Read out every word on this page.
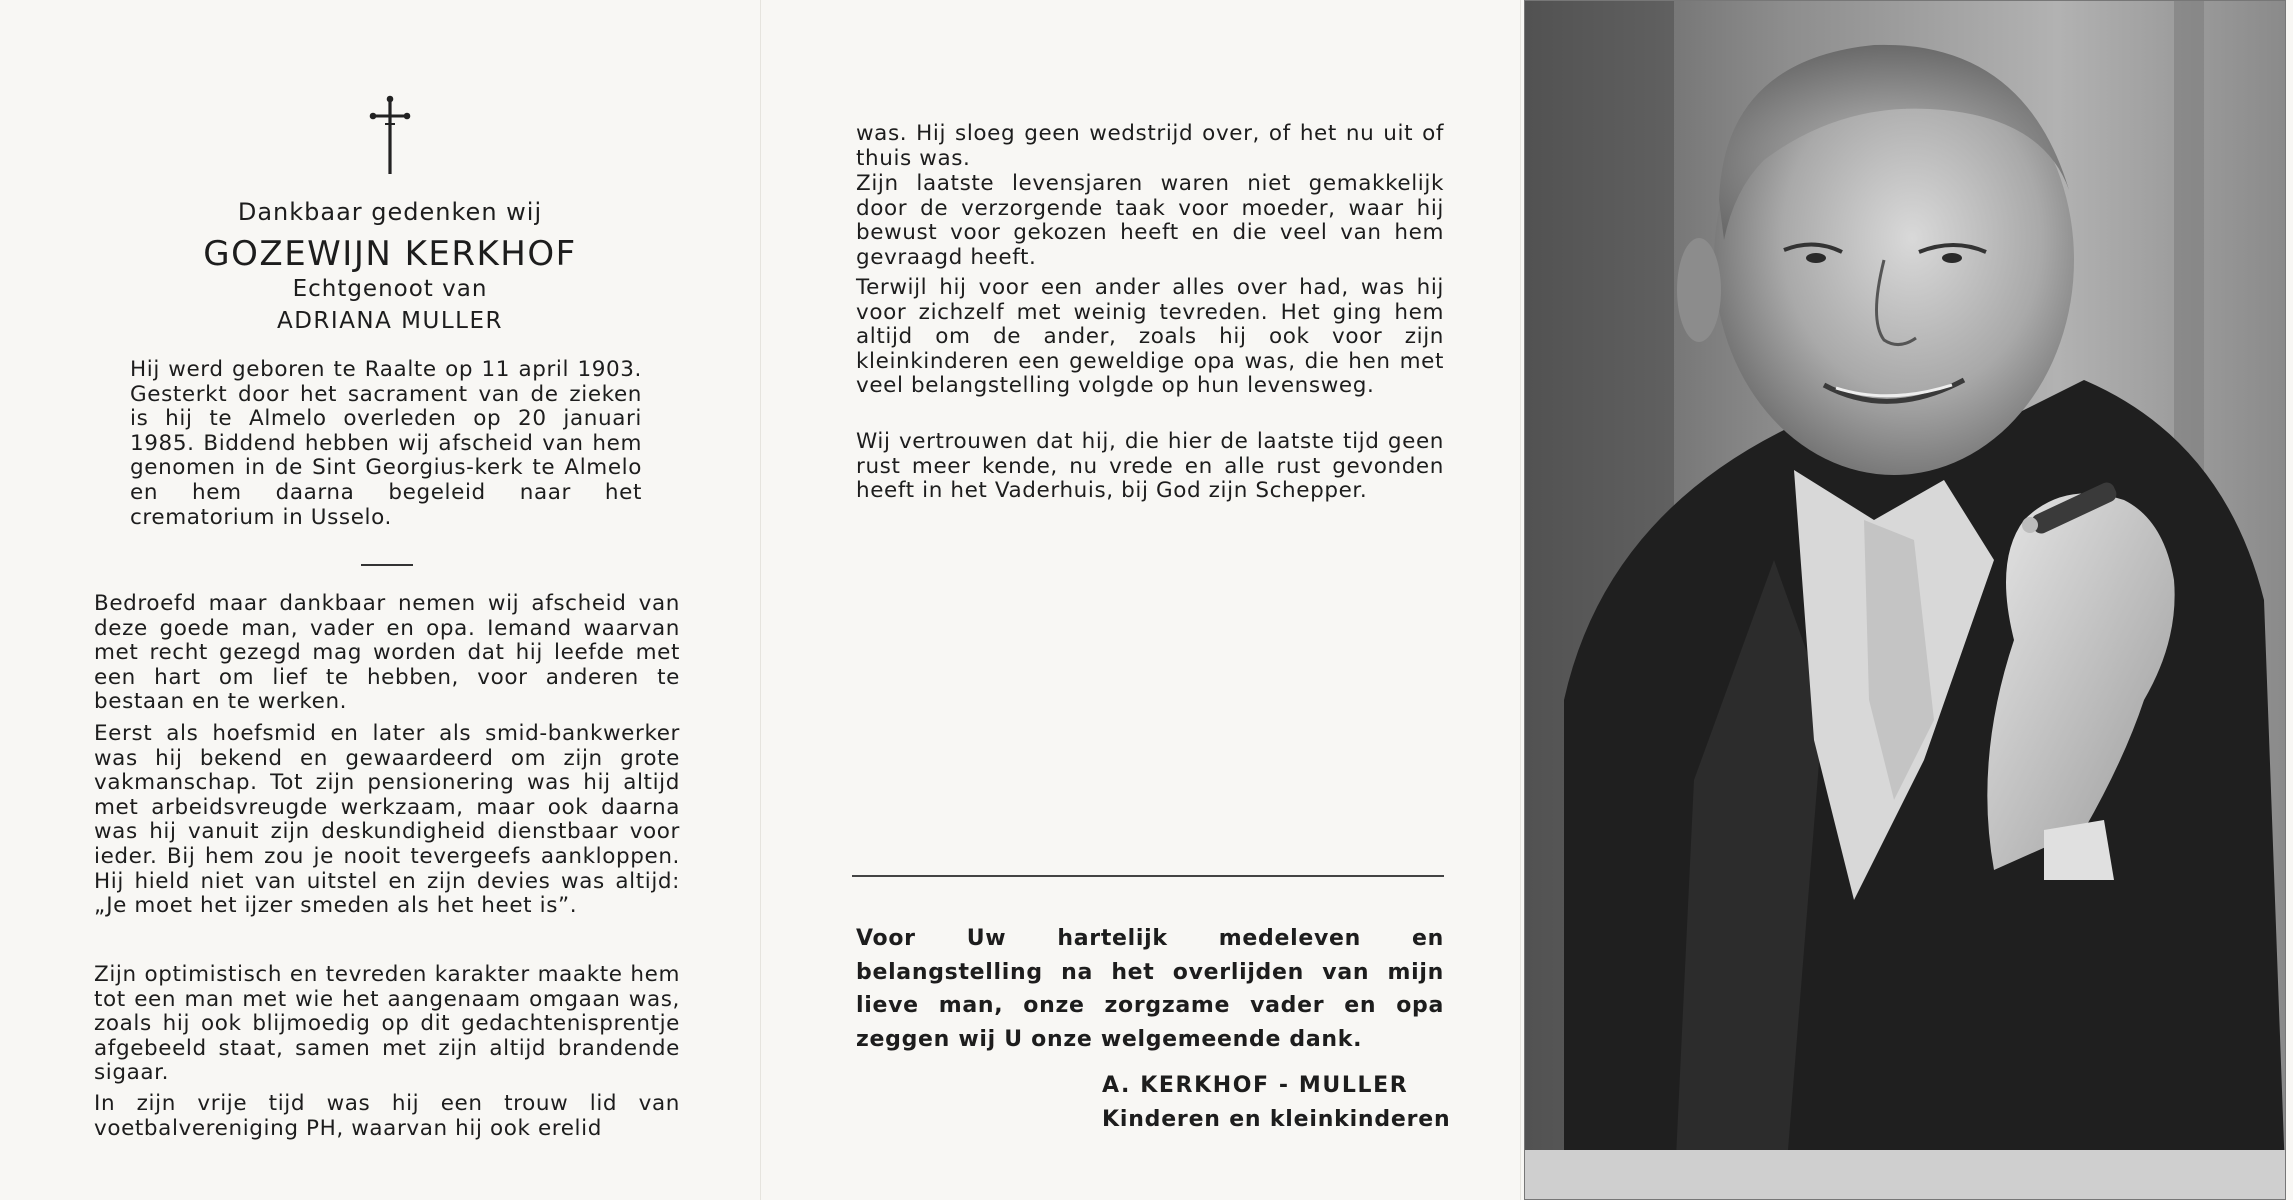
Dankbaar gedenken wij
GOZEWIJN KERKHOF
Echtgenoot van
ADRIANA MULLER

Hij werd geboren te Raalte op 11 april 1903. Gesterkt door het sacrament van de zieken is hij te Almelo overleden op 20 januari 1985. Biddend hebben wij afscheid van hem genomen in de Sint Georgius-kerk te Almelo en hem daarna begeleid naar het crematorium in Usselo.

Bedroefd maar dankbaar nemen wij afscheid van deze goede man, vader en opa. Iemand waarvan met recht gezegd mag worden dat hij leefde met een hart om lief te hebben, voor anderen te bestaan en te werken.

Eerst als hoefsmid en later als smid-bankwerker was hij bekend en gewaardeerd om zijn grote vakmanschap. Tot zijn pensionering was hij altijd met arbeidsvreugde werkzaam, maar ook daarna was hij vanuit zijn deskundigheid dienstbaar voor ieder. Bij hem zou je nooit tevergeefs aankloppen. Hij hield niet van uitstel en zijn devies was altijd: „Je moet het ijzer smeden als het heet is”.

Zijn optimistisch en tevreden karakter maakte hem tot een man met wie het aangenaam omgaan was, zoals hij ook blijmoedig op dit gedachtenisprentje afgebeeld staat, samen met zijn altijd brandende sigaar.

In zijn vrije tijd was hij een trouw lid van voetbalvereniging PH, waarvan hij ook erelid

was. Hij sloeg geen wedstrijd over, of het nu uit of thuis was.

Zijn laatste levensjaren waren niet gemakkelijk door de verzorgende taak voor moeder, waar hij bewust voor gekozen heeft en die veel van hem gevraagd heeft.

Terwijl hij voor een ander alles over had, was hij voor zichzelf met weinig tevreden. Het ging hem altijd om de ander, zoals hij ook voor zijn kleinkinderen een geweldige opa was, die hen met veel belangstelling volgde op hun levensweg.

Wij vertrouwen dat hij, die hier de laatste tijd geen rust meer kende, nu vrede en alle rust gevonden heeft in het Vaderhuis, bij God zijn Schepper.

Voor Uw hartelijk medeleven en belangstelling na het overlijden van mijn lieve man, onze zorgzame vader en opa zeggen wij U onze welgemeende dank.

A. KERKHOF - MULLER
Kinderen en kleinkinderen
